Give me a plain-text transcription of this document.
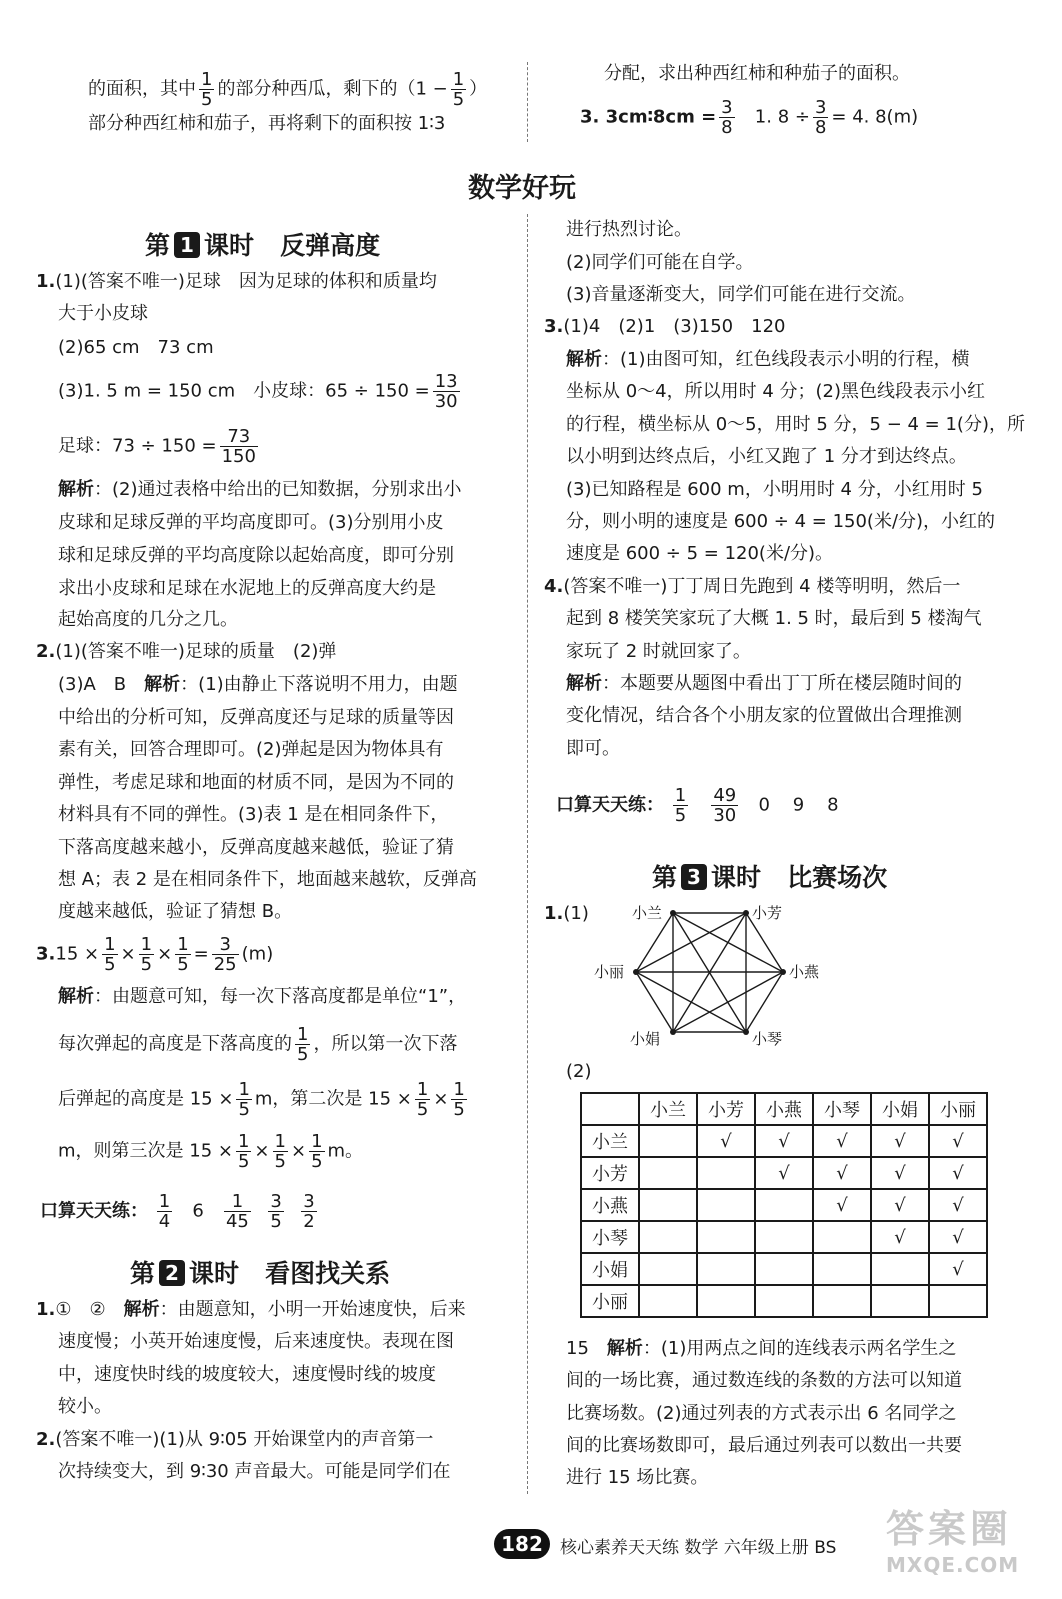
的面积，其中 $\frac{1}{5}$ 的部分种西瓜，剩下的（$1 - \frac{1}{5}$ ）
部分种西红柿和茄子，再将剩下的面积按 1∶3
分配，求出种西红柿和种茄子的面积。
3. 3cm∶8cm = $\frac{3}{8} 1$. $8 \div \frac{3}{8} = 4$. 8(m)
数学好玩
第 1 课时 反弹高度
1.(1)(答案不唯一)足球　因为足球的体积和质量均
大于小皮球
(2)65 cm　73 cm
(3)1. 5 m = 150 cm　小皮球：$65 \div 150 = \frac{13}{30}$
足球：$73 \div 150 = \frac{73}{150}$
解析：(2)通过表格中给出的已知数据，分别求出小
皮球和足球反弹的平均高度即可。(3)分别用小皮
球和足球反弹的平均高度除以起始高度，即可分别
求出小皮球和足球在水泥地上的反弹高度大约是
起始高度的几分之几。
2.(1)(答案不唯一)足球的质量　(2)弹
(3)A　B　解析：(1)由静止下落说明不用力，由题
中给出的分析可知，反弹高度还与足球的质量等因
素有关，回答合理即可。(2)弹起是因为物体具有
弹性，考虑足球和地面的材质不同，是因为不同的
材料具有不同的弹性。(3)表 1 是在相同条件下，
下落高度越来越小，反弹高度越来越低，验证了猜
想 A；表 2 是在相同条件下，地面越来越软，反弹高
度越来越低，验证了猜想 B。
$3.15 \times \frac{1}{5} \times \frac{1}{5} \times \frac{1}{5} = \frac{3}{25} (m)$
解析：由题意可知，每一次下落高度都是单位“1”，
每次弹起的高度是下落高度的 $\frac{1}{5}$ ，所以第一次下落
后弹起的高度是 $15 \times \frac{1}{5}$ m，第二次是 $15 \times \frac{1}{5} \times \frac{1}{5}$
m，则第三次是 $15 \times \frac{1}{5} \times \frac{1}{5} \times \frac{1}{5}$ m。
口算天天练： $\frac{1}{4} 6 \frac{1}{45}$
$\frac{3}{5}$
$\frac{3}{2}$
第 2 课时 看图找关系
1.①　②　解析：由题意知，小明一开始速度快，后来
速度慢；小英开始速度慢，后来速度快。表现在图
中，速度快时线的坡度较大，速度慢时线的坡度
较小。
2.(答案不唯一)(1)从 9∶05 开始课堂内的声音第一
次持续变大，到 9∶30 声音最大。可能是同学们在
进行热烈讨论。
(2)同学们可能在自学。
(3)音量逐渐变大，同学们可能在进行交流。
3.(1)4　(2)1　(3)150　120
解析：(1)由图可知，红色线段表示小明的行程，横
坐标从 0～4，所以用时 4 分；(2)黑色线段表示小红
的行程，横坐标从 0～5，用时 5 分，5 − 4 = 1(分)，所
以小明到达终点后，小红又跑了 1 分才到达终点。
(3)已知路程是 600 m，小明用时 4 分，小红用时 5
分，则小明的速度是 600 ÷ 4 = 150(米/分)，小红的
速度是 600 ÷ 5 = 120(米/分)。
4.(答案不唯一)丁丁周日先跑到 4 楼等明明，然后一
起到 8 楼笑笑家玩了大概 1. 5 时，最后到 5 楼淘气
家玩了 2 时就回家了。
解析：本题要从题图中看出丁丁所在楼层随时间的
变化情况，结合各个小朋友家的位置做出合理推测
即可。
口算天天练： $\frac{1}{5}$
$\frac{49}{30} 0$ 9 8
第 3 课时 比赛场次
1.(1)	小兰	小芳
小丽	小燕
小娟	小琴
(2)
	小兰	小芳	小燕	小琴	小娟	小丽
小兰		√	√	√	√	√
小芳			√	√	√	√
小燕				√	√	√
小琴					√	√
小娟						√
小丽						
15　解析：(1)用两点之间的连线表示两名学生之
间的一场比赛，通过数连线的条数的方法可以知道
比赛场数。(2)通过列表的方式表示出 6 名同学之
间的比赛场数即可，最后通过列表可以数出一共要
进行 15 场比赛。
182	核心素养天天练 数学 六年级上册 BS 答案圈
MXQE.COM
